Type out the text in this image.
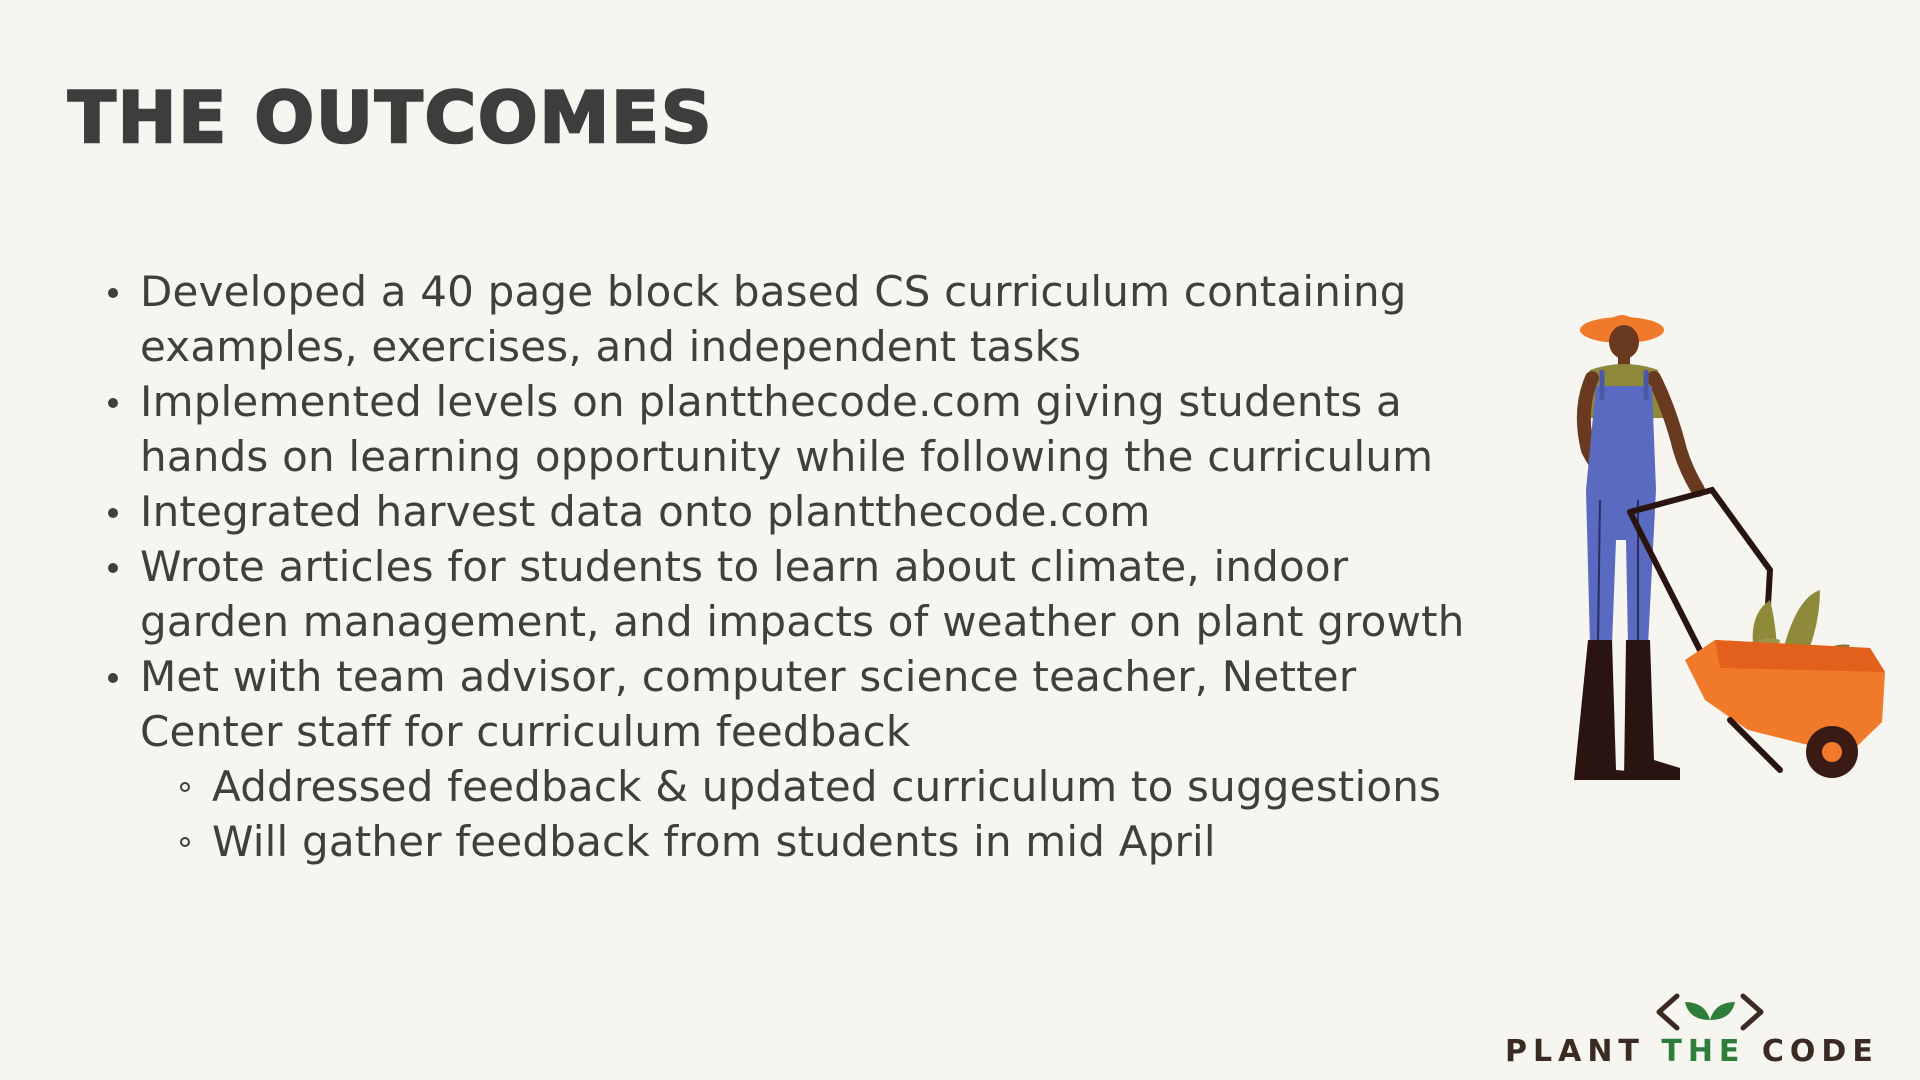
THE OUTCOMES
Developed a 40 page block based CS curriculum containing examples, exercises, and independent tasks
Implemented levels on plantthecode.com giving students a hands on learning opportunity while following the curriculum
Integrated harvest data onto plantthecode.com
Wrote articles for students to learn about climate, indoor garden management, and impacts of weather on plant growth
Met with team advisor, computer science teacher, Netter Center staff for curriculum feedback
Addressed feedback & updated curriculum to suggestions
Will gather feedback from students in mid April

PLANT THE CODE
